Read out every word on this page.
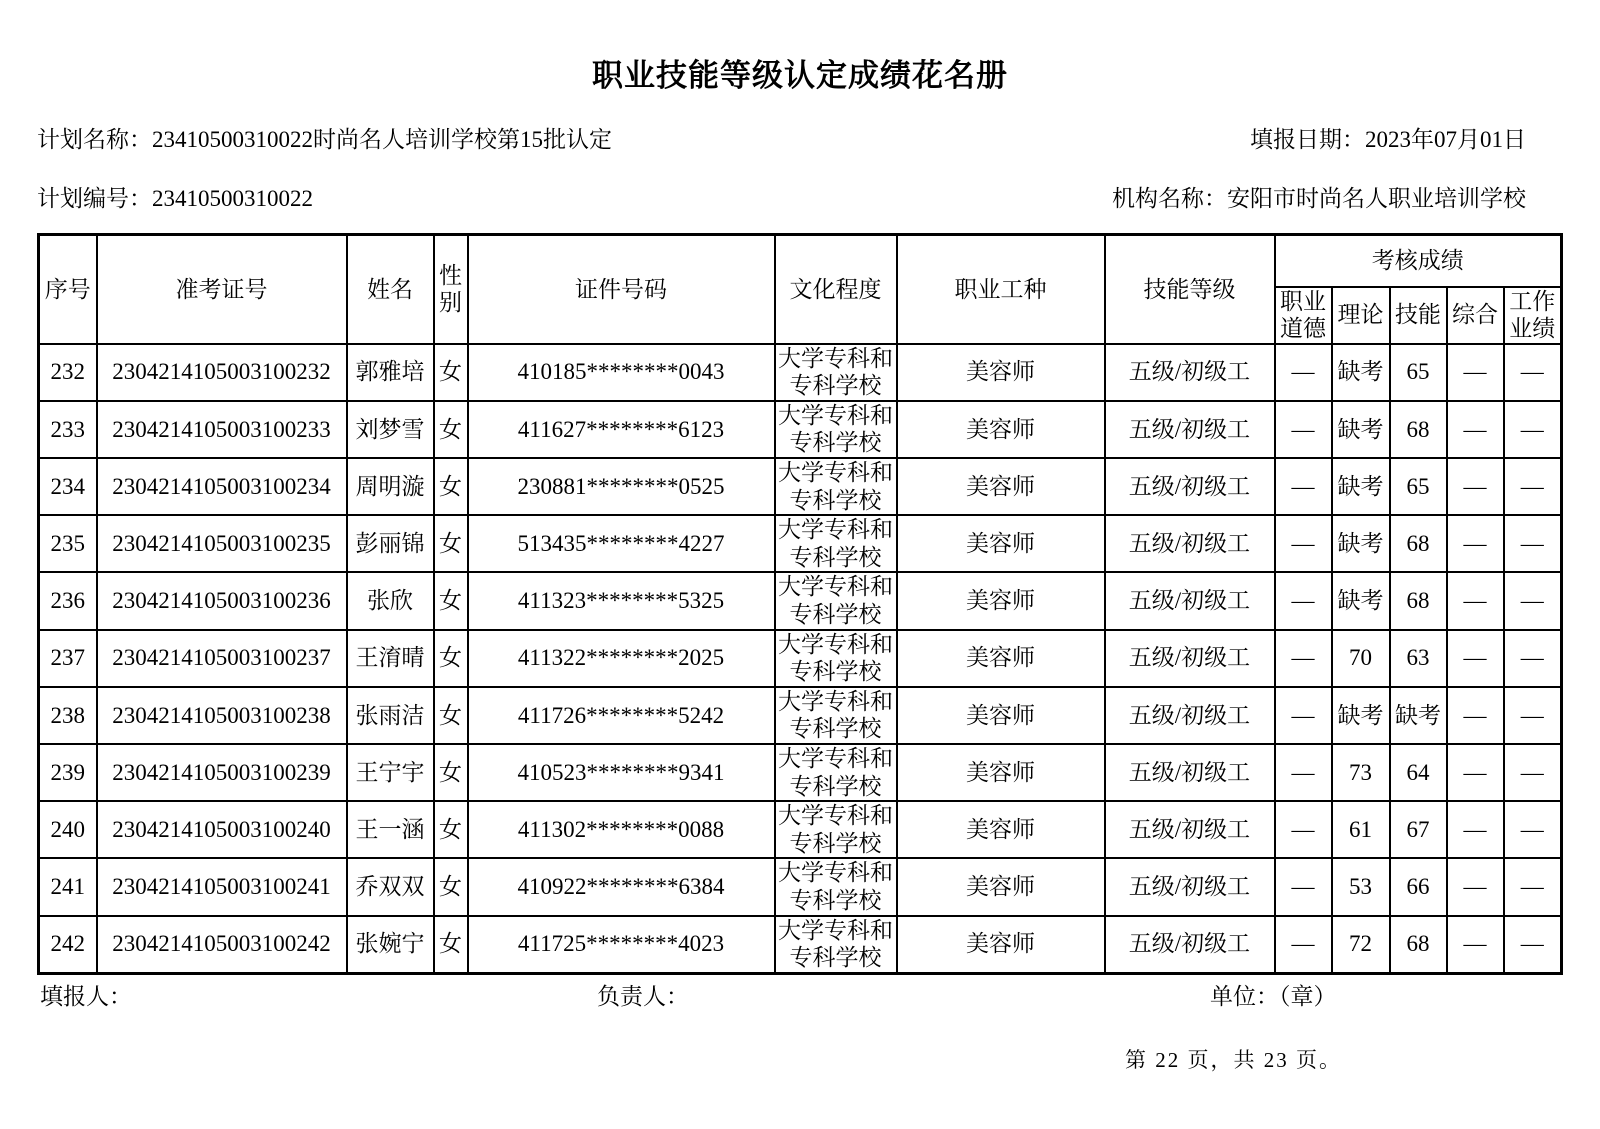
职业技能等级认定成绩花名册
计划名称：23410500310022时尚名人培训学校第15批认定	填报日期：2023年07月01日
计划编号：23410500310022	机构名称：安阳市时尚名人职业培训学校
序号	准考证号	姓名	性别	证件号码	文化程度	职业工种	技能等级	考核成绩				
								职业道德	理论	技能	综合	工作业绩
232	2304214105003100232	郭雅培	女	410185********0043	大学专科和专科学校	美容师	五级/初级工	—	缺考	65	—	—
233	2304214105003100233	刘梦雪	女	411627********6123	大学专科和专科学校	美容师	五级/初级工	—	缺考	68	—	—
234	2304214105003100234	周明漩	女	230881********0525	大学专科和专科学校	美容师	五级/初级工	—	缺考	65	—	—
235	2304214105003100235	彭丽锦	女	513435********4227	大学专科和专科学校	美容师	五级/初级工	—	缺考	68	—	—
236	2304214105003100236	张欣	女	411323********5325	大学专科和专科学校	美容师	五级/初级工	—	缺考	68	—	—
237	2304214105003100237	王淯晴	女	411322********2025	大学专科和专科学校	美容师	五级/初级工	—	70	63	—	—
238	2304214105003100238	张雨洁	女	411726********5242	大学专科和专科学校	美容师	五级/初级工	—	缺考	缺考	—	—
239	2304214105003100239	王宁宇	女	410523********9341	大学专科和专科学校	美容师	五级/初级工	—	73	64	—	—
240	2304214105003100240	王一涵	女	411302********0088	大学专科和专科学校	美容师	五级/初级工	—	61	67	—	—
241	2304214105003100241	乔双双	女	410922********6384	大学专科和专科学校	美容师	五级/初级工	—	53	66	—	—
242	2304214105003100242	张婉宁	女	411725********4023	大学专科和专科学校	美容师	五级/初级工	—	72	68	—	—
填报人：	负责人：	单位：（章）
第 22 页，共 23 页。
